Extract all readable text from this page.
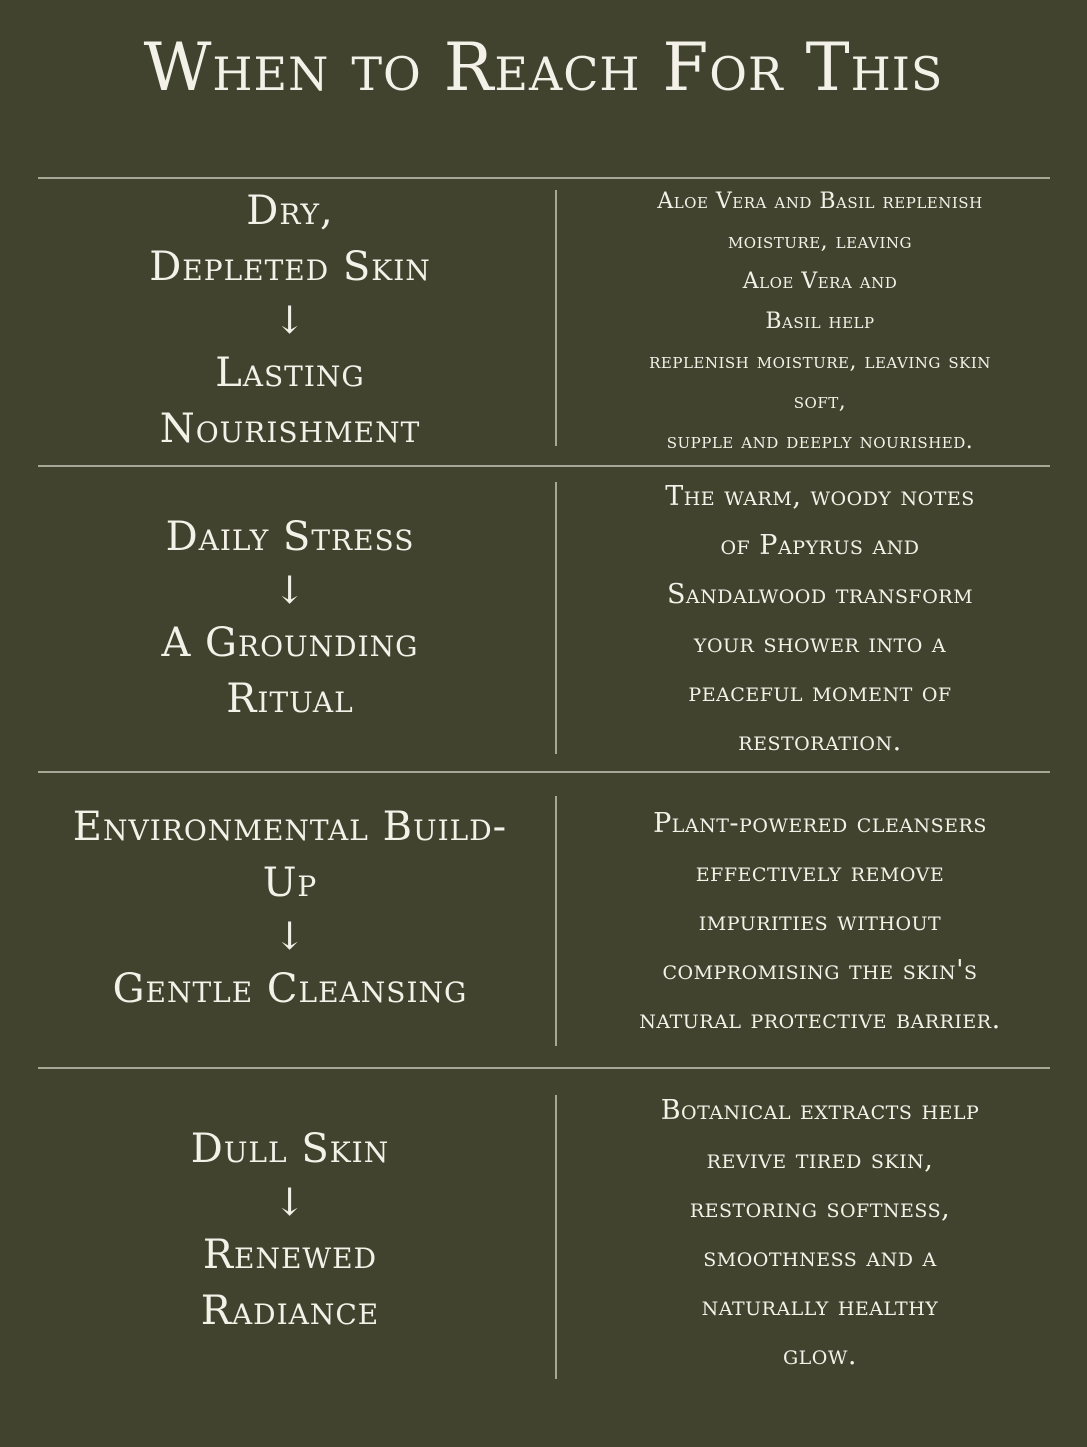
When to Reach For This
Dry,
Depleted Skin
↓
Lasting
Nourishment
Aloe Vera and Basil replenish
moisture, leaving
Aloe Vera and
Basil help
replenish moisture, leaving skin
soft,
supple and deeply nourished.
Daily Stress
↓
A Grounding
Ritual
The warm, woody notes
of Papyrus and
Sandalwood transform
your shower into a
peaceful moment of
restoration.
Environmental Build-
Up
↓
Gentle Cleansing
Plant-powered cleansers
effectively remove
impurities without
compromising the skin's
natural protective barrier.
Dull Skin
↓
Renewed
Radiance
Botanical extracts help
revive tired skin,
restoring softness,
smoothness and a
naturally healthy
glow.
